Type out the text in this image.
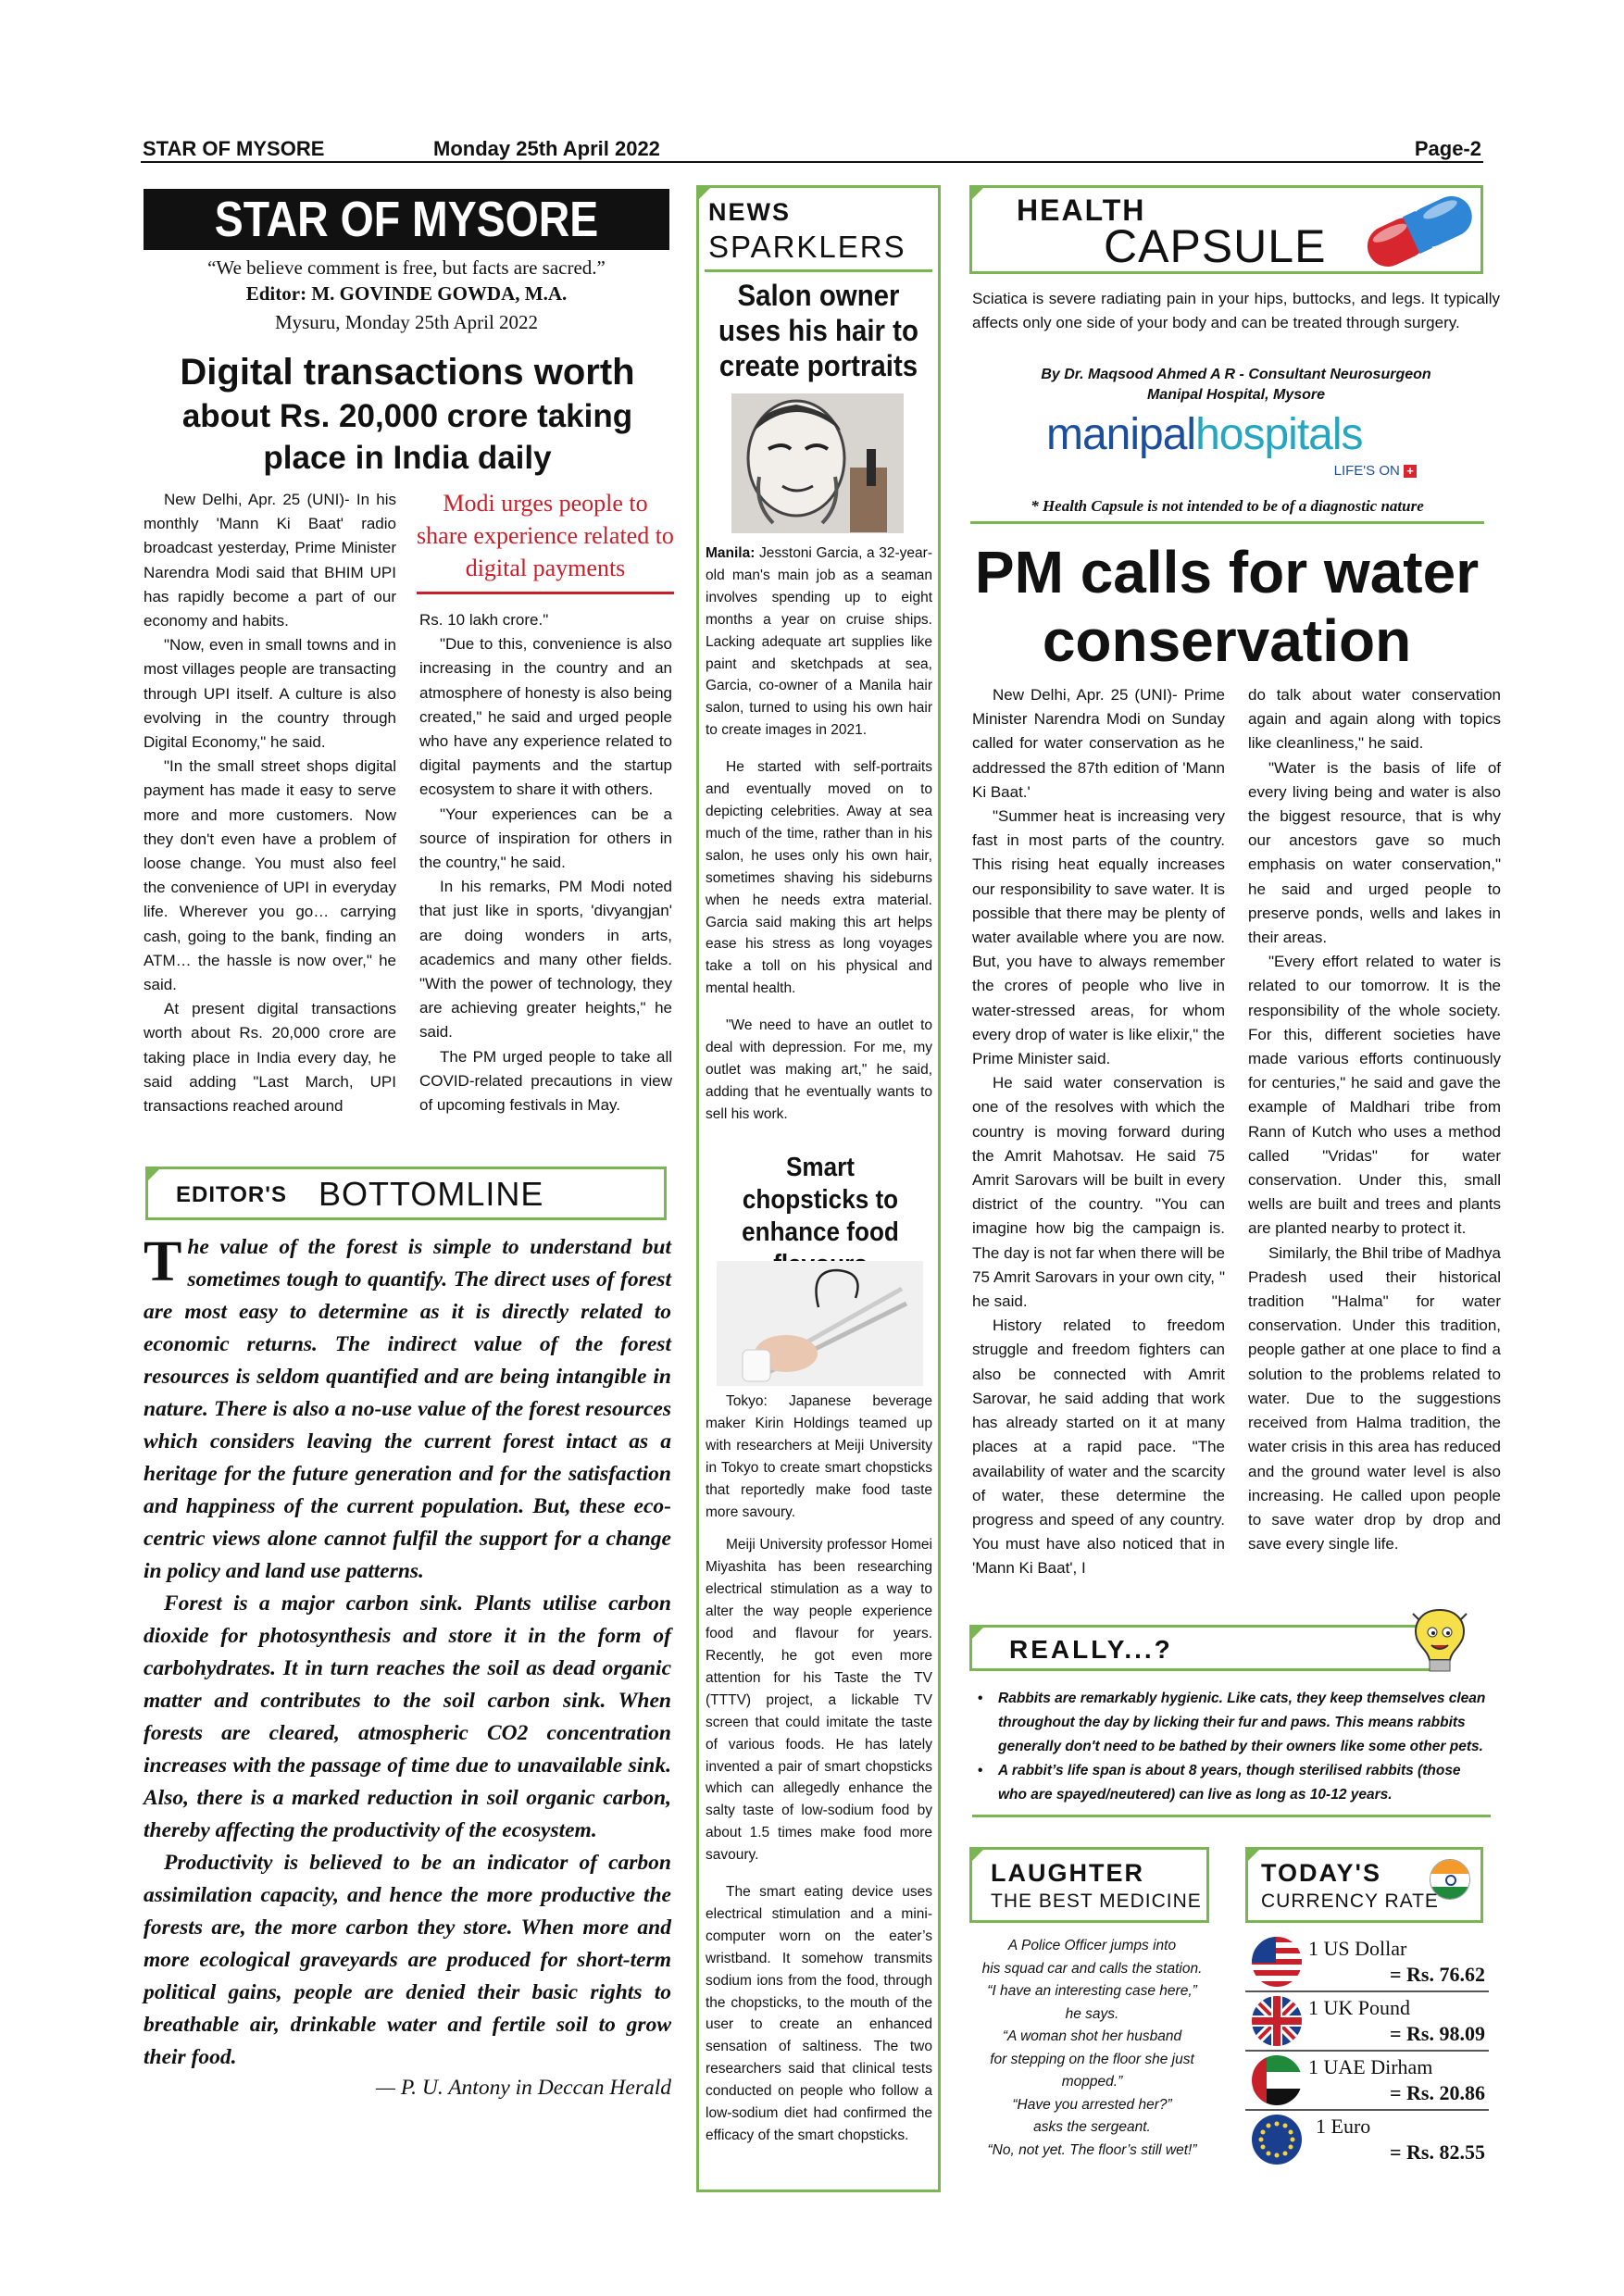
STAR OF MYSORE	Monday 25th April 2022	Page-2
STAR OF MYSORE
“We believe comment is free, but facts are sacred.”
Editor: M. GOVINDE GOWDA, M.A.
Mysuru, Monday 25th April 2022
Digital transactions worth
about Rs. 20,000 crore taking
place in India daily

New Delhi, Apr. 25 (UNI)- In his monthly 'Mann Ki Baat' radio broadcast yesterday, Prime Minister Narendra Modi said that BHIM UPI has rapidly become a part of our economy and habits.

"Now, even in small towns and in most villages people are transacting through UPI itself. A culture is also evolving in the country through Digital Economy," he said.

"In the small street shops digital payment has made it easy to serve more and more customers. Now they don't even have a problem of loose change. You must also feel the convenience of UPI in everyday life. Wherever you go… carrying cash, going to the bank, finding an ATM… the hassle is now over," he said.

At present digital transactions worth about Rs. 20,000 crore are taking place in India every day, he said adding "Last March, UPI transactions reached around

Modi urges people to share experience related to digital payments

Rs. 10 lakh crore."

"Due to this, convenience is also increasing in the country and an atmosphere of honesty is also being created," he said and urged people who have any experience related to digital payments and the startup ecosystem to share it with others.

"Your experiences can be a source of inspiration for others in the country," he said.

In his remarks, PM Modi noted that just like in sports, 'divyangjan' are doing wonders in arts, academics and many other fields. "With the power of technology, they are achieving greater heights," he said.

The PM urged people to take all COVID-related precautions in view of upcoming festivals in May.

EDITOR'S BOTTOMLINE

T he value of the forest is simple to understand but sometimes tough to quantify. The direct uses of forest are most easy to determine as it is directly related to economic returns. The indirect value of the forest resources is seldom quantified and are being intangible in nature. There is also a no-use value of the forest resources which considers leaving the current forest intact as a heritage for the future generation and for the satisfaction and happiness of the current population. But, these eco-centric views alone cannot fulfil the support for a change in policy and land use patterns.

Forest is a major carbon sink. Plants utilise carbon dioxide for photosynthesis and store it in the form of carbohydrates. It in turn reaches the soil as dead organic matter and contributes to the soil carbon sink. When forests are cleared, atmospheric CO2 concentration increases with the passage of time due to unavailable sink. Also, there is a marked reduction in soil organic carbon, thereby affecting the productivity of the ecosystem.

Productivity is believed to be an indicator of carbon assimilation capacity, and hence the more productive the forests are, the more carbon they store. When more and more ecological graveyards are produced for short-term political gains, people are denied their basic rights to breathable air, drinkable water and fertile soil to grow their food.

— P. U. Antony in Deccan Herald
NEWS
SPARKLERS
Salon owner uses his hair to create portraits

Manila: Jesstoni Garcia, a 32-year-old man's main job as a seaman involves spending up to eight months a year on cruise ships. Lacking adequate art supplies like paint and sketchpads at sea, Garcia, co-owner of a Manila hair salon, turned to using his own hair to create images in 2021.

He started with self-portraits and eventually moved on to depicting celebrities. Away at sea much of the time, rather than in his salon, he uses only his own hair, sometimes shaving his sideburns when he needs extra material. Garcia said making this art helps ease his stress as long voyages take a toll on his physical and mental health.

"We need to have an outlet to deal with depression. For me, my outlet was making art," he said, adding that he eventually wants to sell his work.

Smart chopsticks to enhance food

Tokyo: Japanese beverage maker Kirin Holdings teamed up with researchers at Meiji University in Tokyo to create smart chopsticks that reportedly make food taste more savoury.

Meiji University professor Homei Miyashita has been researching electrical stimulation as a way to alter the way people experience food and flavour for years. Recently, he got even more attention for his Taste the TV (TTTV) project, a lickable TV screen that could imitate the taste of various foods. He has lately invented a pair of smart chopsticks which can allegedly enhance the salty taste of low-sodium food by about 1.5 times make food more savoury.

The smart eating device uses electrical stimulation and a mini-computer worn on the eater’s wristband. It somehow transmits sodium ions from the food, through the chopsticks, to the mouth of the user to create an enhanced sensation of saltiness. The two researchers said that clinical tests conducted on people who follow a low-sodium diet had confirmed the efficacy of the smart chopsticks.

HEALTH
CAPSULE
Sciatica is severe radiating pain in your hips, buttocks, and legs. It typically affects only one side of your body and can be treated through surgery.
By Dr. Maqsood Ahmed A R - Consultant Neurosurgeon
Manipal Hospital, Mysore
manipalhospitals
LIFE'S ON +
* Health Capsule is not intended to be of a diagnostic nature
PM calls for water
conservation

New Delhi, Apr. 25 (UNI)- Prime Minister Narendra Modi on Sunday called for water conservation as he addressed the 87th edition of 'Mann Ki Baat.'

"Summer heat is increasing very fast in most parts of the country. This rising heat equally increases our responsibility to save water. It is possible that there may be plenty of water available where you are now. But, you have to always remember the crores of people who live in water-stressed areas, for whom every drop of water is like elixir," the Prime Minister said.

He said water conservation is one of the resolves with which the country is moving forward during the Amrit Mahotsav. He said 75 Amrit Sarovars will be built in every district of the country. "You can imagine how big the campaign is. The day is not far when there will be 75 Amrit Sarovars in your own city, " he said.

History related to freedom struggle and freedom fighters can also be connected with Amrit Sarovar, he said adding that work has already started on it at many places at a rapid pace. "The availability of water and the scarcity of water, these determine the progress and speed of any country. You must have also noticed that in 'Mann Ki Baat', I

do talk about water conservation again and again along with topics like cleanliness," he said.

"Water is the basis of life of every living being and water is also the biggest resource, that is why our ancestors gave so much emphasis on water conservation," he said and urged people to preserve ponds, wells and lakes in their areas.

"Every effort related to water is related to our tomorrow. It is the responsibility of the whole society. For this, different societies have made various efforts continuously for centuries," he said and gave the example of Maldhari tribe from Rann of Kutch who uses a method called "Vridas" for water conservation. Under this, small wells are built and trees and plants are planted nearby to protect it.

Similarly, the Bhil tribe of Madhya Pradesh used their historical tradition "Halma" for water conservation. Under this tradition, people gather at one place to find a solution to the problems related to water. Due to the suggestions received from Halma tradition, the water crisis in this area has reduced and the ground water level is also increasing. He called upon people to save water drop by drop and save every single life.

REALLY...?
• Rabbits are remarkably hygienic. Like cats, they keep themselves clean throughout the day by licking their fur and paws. This means rabbits generally don't need to be bathed by their owners like some other pets.
• A rabbit’s life span is about 8 years, though sterilised rabbits (those who are spayed/neutered) can live as long as 10-12 years.
LAUGHTER
THE BEST MEDICINE
A Police Officer jumps into
his squad car and calls the station.
“I have an interesting case here,”
he says.
“A woman shot her husband
for stepping on the floor she just
mopped.”
“Have you arrested her?”
asks the sergeant.
“No, not yet. The floor’s still wet!”
TODAY'S
CURRENCY RATE
1 US Dollar
= Rs. 76.62
1 UK Pound
= Rs. 98.09
1 UAE Dirham
= Rs. 20.86
1 Euro
= Rs. 82.55
